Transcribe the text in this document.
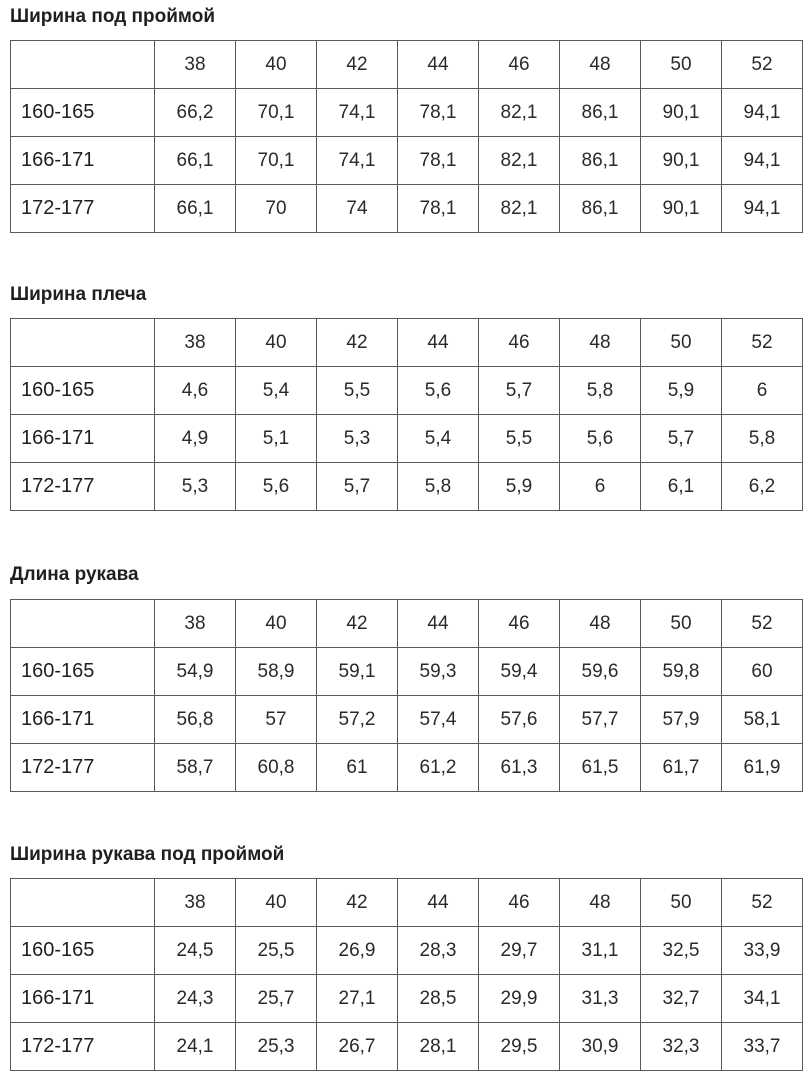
Ширина под проймой
	38	40	42	44	46	48	50	52
160-165	66,2	70,1	74,1	78,1	82,1	86,1	90,1	94,1
166-171	66,1	70,1	74,1	78,1	82,1	86,1	90,1	94,1
172-177	66,1	70	74	78,1	82,1	86,1	90,1	94,1
Ширина плеча
	38	40	42	44	46	48	50	52
160-165	4,6	5,4	5,5	5,6	5,7	5,8	5,9	6
166-171	4,9	5,1	5,3	5,4	5,5	5,6	5,7	5,8
172-177	5,3	5,6	5,7	5,8	5,9	6	6,1	6,2
Длина рукава
	38	40	42	44	46	48	50	52
160-165	54,9	58,9	59,1	59,3	59,4	59,6	59,8	60
166-171	56,8	57	57,2	57,4	57,6	57,7	57,9	58,1
172-177	58,7	60,8	61	61,2	61,3	61,5	61,7	61,9
Ширина рукава под проймой
	38	40	42	44	46	48	50	52
160-165	24,5	25,5	26,9	28,3	29,7	31,1	32,5	33,9
166-171	24,3	25,7	27,1	28,5	29,9	31,3	32,7	34,1
172-177	24,1	25,3	26,7	28,1	29,5	30,9	32,3	33,7
